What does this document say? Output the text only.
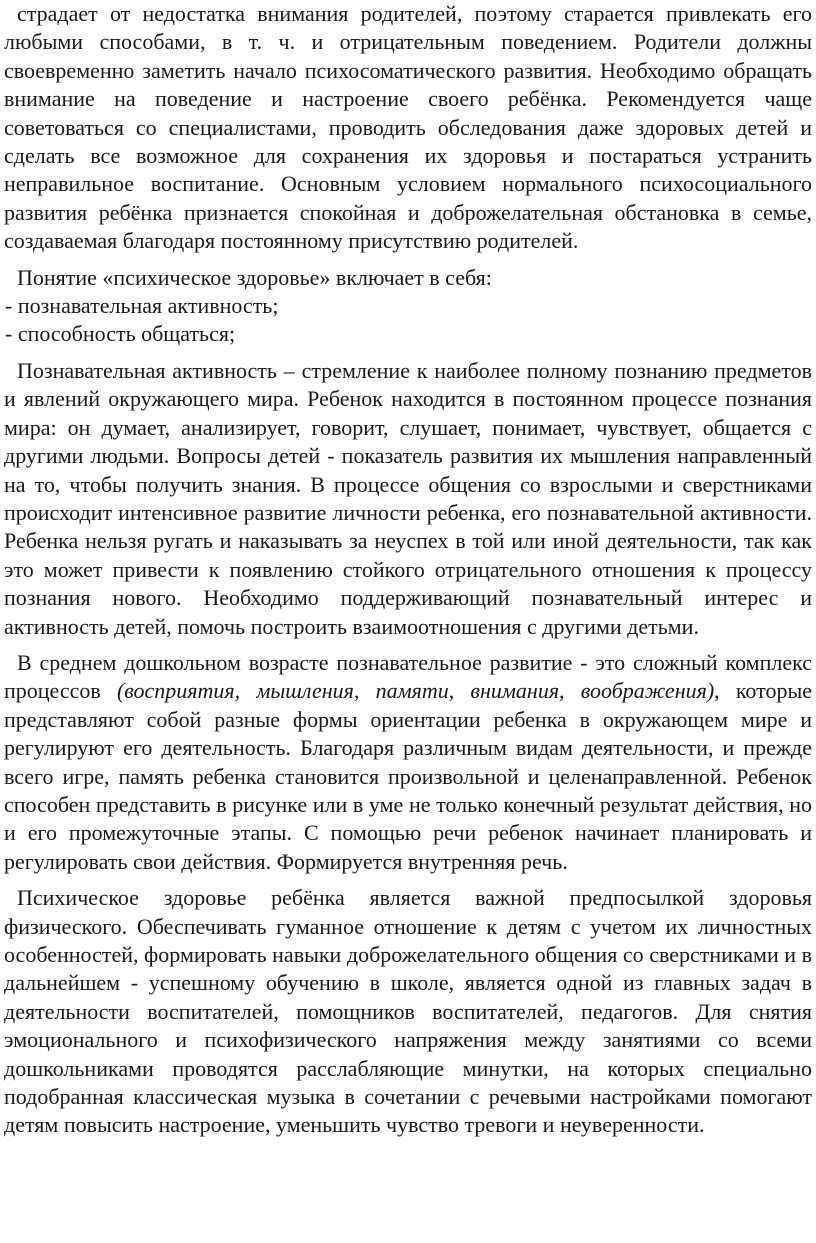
страдает от недостатка внимания родителей, поэтому старается привлекать его любыми способами, в т. ч. и отрицательным поведением. Родители должны своевременно заметить начало психосоматического развития. Необходимо обращать внимание на поведение и настроение своего ребёнка. Рекомендуется чаще советоваться со специалистами, проводить обследования даже здоровых детей и сделать все возможное для сохранения их здоровья и постараться устранить неправильное воспитание. Основным условием нормального психосоциального развития ребёнка признается спокойная и доброжелательная обстановка в семье, создаваемая благодаря постоянному присутствию родителей.

Понятие «психическое здоровье» включает в себя:

- познавательная активность;

- способность общаться;

Познавательная активность – стремление к наиболее полному познанию предметов и явлений окружающего мира. Ребенок находится в постоянном процессе познания мира: он думает, анализирует, говорит, слушает, понимает, чувствует, общается с другими людьми. Вопросы детей - показатель развития их мышления направленный на то, чтобы получить знания. В процессе общения со взрослыми и сверстниками происходит интенсивное развитие личности ребенка, его познавательной активности. Ребенка нельзя ругать и наказывать за неуспех в той или иной деятельности, так как это может привести к появлению стойкого отрицательного отношения к процессу познания нового. Необходимо поддерживающий познавательный интерес и активность детей, помочь построить взаимоотношения с другими детьми.

В среднем дошкольном возрасте познавательное развитие - это сложный комплекс процессов (восприятия, мышления, памяти, внимания, воображения), которые представляют собой разные формы ориентации ребенка в окружающем мире и регулируют его деятельность. Благодаря различным видам деятельности, и прежде всего игре, память ребенка становится произвольной и целенаправленной. Ребенок способен представить в рисунке или в уме не только конечный результат действия, но и его промежуточные этапы. С помощью речи ребенок начинает планировать и регулировать свои действия. Формируется внутренняя речь.

Психическое здоровье ребёнка является важной предпосылкой здоровья физического. Обеспечивать гуманное отношение к детям с учетом их личностных особенностей, формировать навыки доброжелательного общения со сверстниками и в дальнейшем - успешному обучению в школе, является одной из главных задач в деятельности воспитателей, помощников воспитателей, педагогов. Для снятия эмоционального и психофизического напряжения между занятиями со всеми дошкольниками проводятся расслабляющие минутки, на которых специально подобранная классическая музыка в сочетании с речевыми настройками помогают детям повысить настроение, уменьшить чувство тревоги и неуверенности.
